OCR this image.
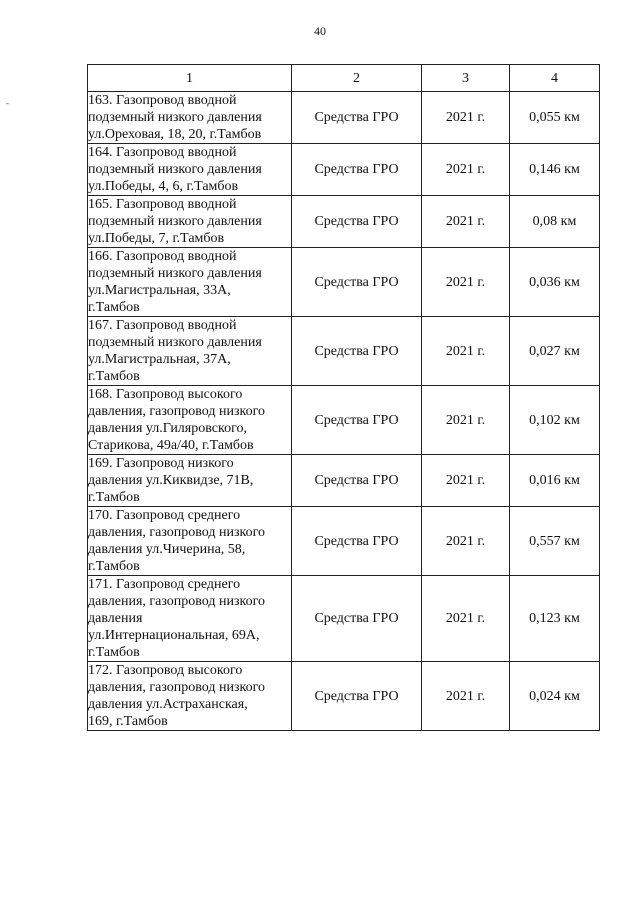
40
-
1	2	3	4

163. Газопровод вводной
подземный низкого давления
ул.Ореховая, 18, 20, г.Тамбов	Средства ГРО	2021 г.	0,055 км

164. Газопровод вводной
подземный низкого давления
ул.Победы, 4, 6, г.Тамбов	Средства ГРО	2021 г.	0,146 км

165. Газопровод вводной
подземный низкого давления
ул.Победы, 7, г.Тамбов	Средства ГРО	2021 г.	0,08 км

166. Газопровод вводной
подземный низкого давления
ул.Магистральная, 33А,
г.Тамбов	Средства ГРО	2021 г.	0,036 км

167. Газопровод вводной
подземный низкого давления
ул.Магистральная, 37А,
г.Тамбов	Средства ГРО	2021 г.	0,027 км

168. Газопровод высокого
давления, газопровод низкого
давления ул.Гиляровского,
Старикова, 49а/40, г.Тамбов	Средства ГРО	2021 г.	0,102 км

169. Газопровод низкого
давления ул.Киквидзе, 71В,
г.Тамбов	Средства ГРО	2021 г.	0,016 км

170. Газопровод среднего
давления, газопровод низкого
давления ул.Чичерина, 58,
г.Тамбов	Средства ГРО	2021 г.	0,557 км

171. Газопровод среднего
давления, газопровод низкого
давления
ул.Интернациональная, 69А,
г.Тамбов	Средства ГРО	2021 г.	0,123 км

172. Газопровод высокого
давления, газопровод низкого
давления ул.Астраханская,
169, г.Тамбов	Средства ГРО	2021 г.	0,024 км
